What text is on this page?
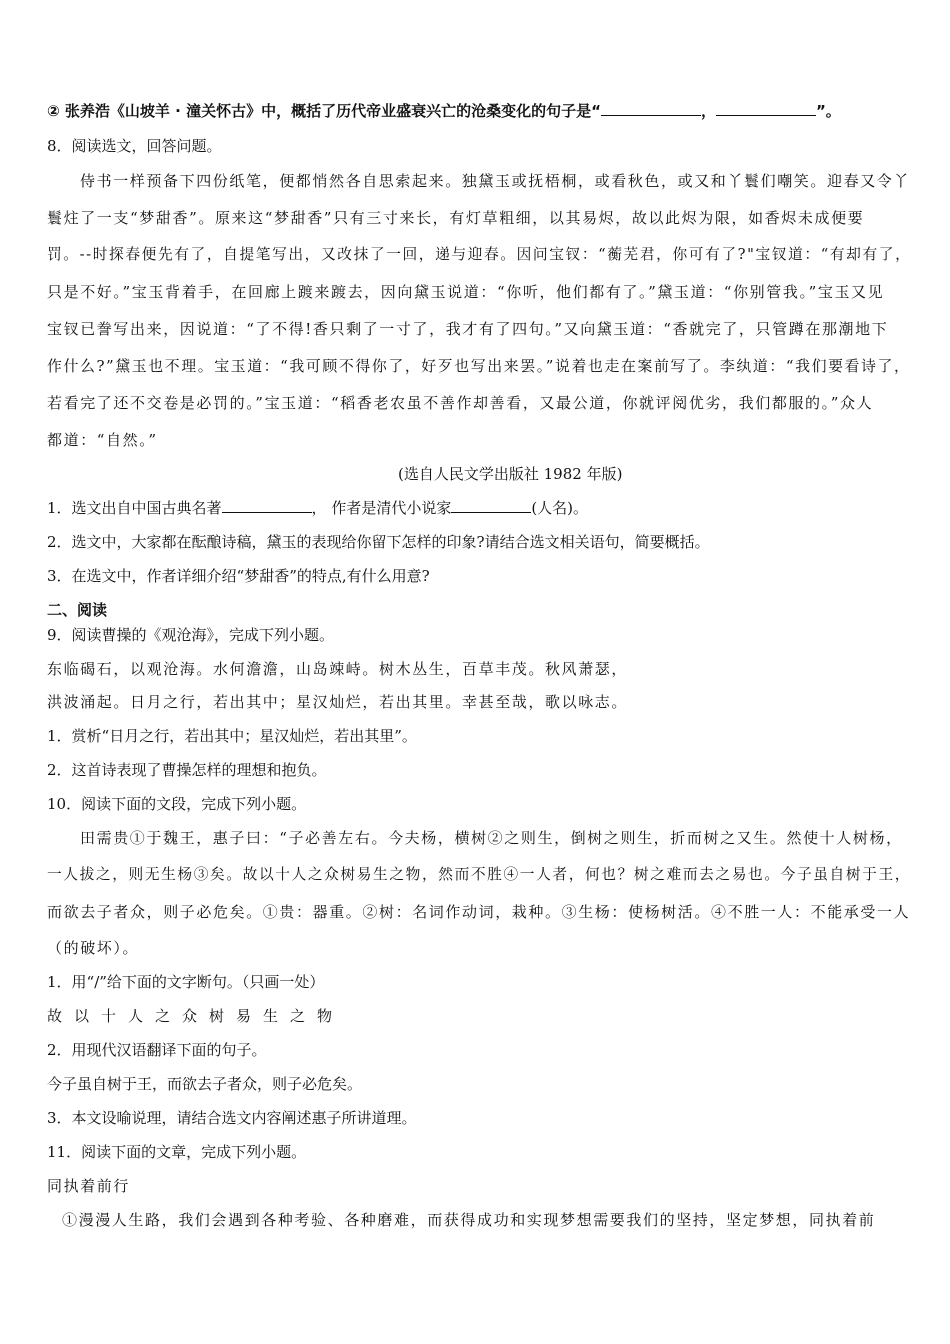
② 张养浩《山坡羊 · 潼关怀古》中，概括了历代帝业盛衰兴亡的沧桑变化的句子是“	，	”。
8．阅读选文，回答问题。
侍书一样预备下四份纸笔，便都悄然各自思索起来。独黛玉或抚梧桐，或看秋色，或又和丫鬟们嘲笑。迎春又令丫
鬟炷了一支“梦甜香”。原来这“梦甜香”只有三寸来长，有灯草粗细，以其易烬，故以此烬为限，如香烬未成便要
罚。--时探春便先有了，自提笔写出，又改抹了一回，递与迎春。因问宝钗：“蘅芜君，你可有了?"宝钗道：“有却有了，
只是不好。”宝玉背着手，在回廊上踱来踱去，因向黛玉说道：“你听，他们都有了。”黛玉道：“你别管我。”宝玉又见
宝钗已誊写出来，因说道：“了不得!香只剩了一寸了，我才有了四句。”又向黛玉道：“香就完了，只管蹲在那潮地下
作什么?”黛玉也不理。宝玉道：“我可顾不得你了，好歹也写出来罢。”说着也走在案前写了。李纨道：“我们要看诗了，
若看完了还不交卷是必罚的。”宝玉道：“稻香老农虽不善作却善看，又最公道，你就评阅优劣，我们都服的。”众人
都道：“自然。”
(选自人民文学出版社 1982 年版)
1．选文出自中国古典名著	， 作者是清代小说家	(人名)。
2．选文中，大家都在酝酿诗稿，黛玉的表现给你留下怎样的印象?请结合选文相关语句，简要概括。
3．在选文中，作者详细介绍“梦甜香”的特点,有什么用意?
二、阅读
9．阅读曹操的《观沧海》，完成下列小题。
东临碣石，以观沧海。水何澹澹，山岛竦峙。树木丛生，百草丰茂。秋风萧瑟，
洪波涌起。日月之行，若出其中；星汉灿烂，若出其里。幸甚至哉，歌以咏志。
1．赏析“日月之行，若出其中；星汉灿烂，若出其里”。
2．这首诗表现了曹操怎样的理想和抱负。
10．阅读下面的文段，完成下列小题。
田需贵①于魏王，惠子曰：“子必善左右。今夫杨，横树②之则生，倒树之则生，折而树之又生。然使十人树杨，
一人拔之，则无生杨③矣。故以十人之众树易生之物，然而不胜④一人者，何也？树之难而去之易也。今子虽自树于王，
而欲去子者众，则子必危矣。①贵：器重。②树：名词作动词，栽种。③生杨：使杨树活。④不胜一人：不能承受一人
（的破坏）。
1．用“/”给下面的文字断句。（只画一处）
故以十人之众树易生之物
2．用现代汉语翻译下面的句子。
今子虽自树于王，而欲去子者众，则子必危矣。
3．本文设喻说理，请结合选文内容阐述惠子所讲道理。
11．阅读下面的文章，完成下列小题。
同执着前行
①漫漫人生路，我们会遇到各种考验、各种磨难，而获得成功和实现梦想需要我们的坚持，坚定梦想，同执着前
